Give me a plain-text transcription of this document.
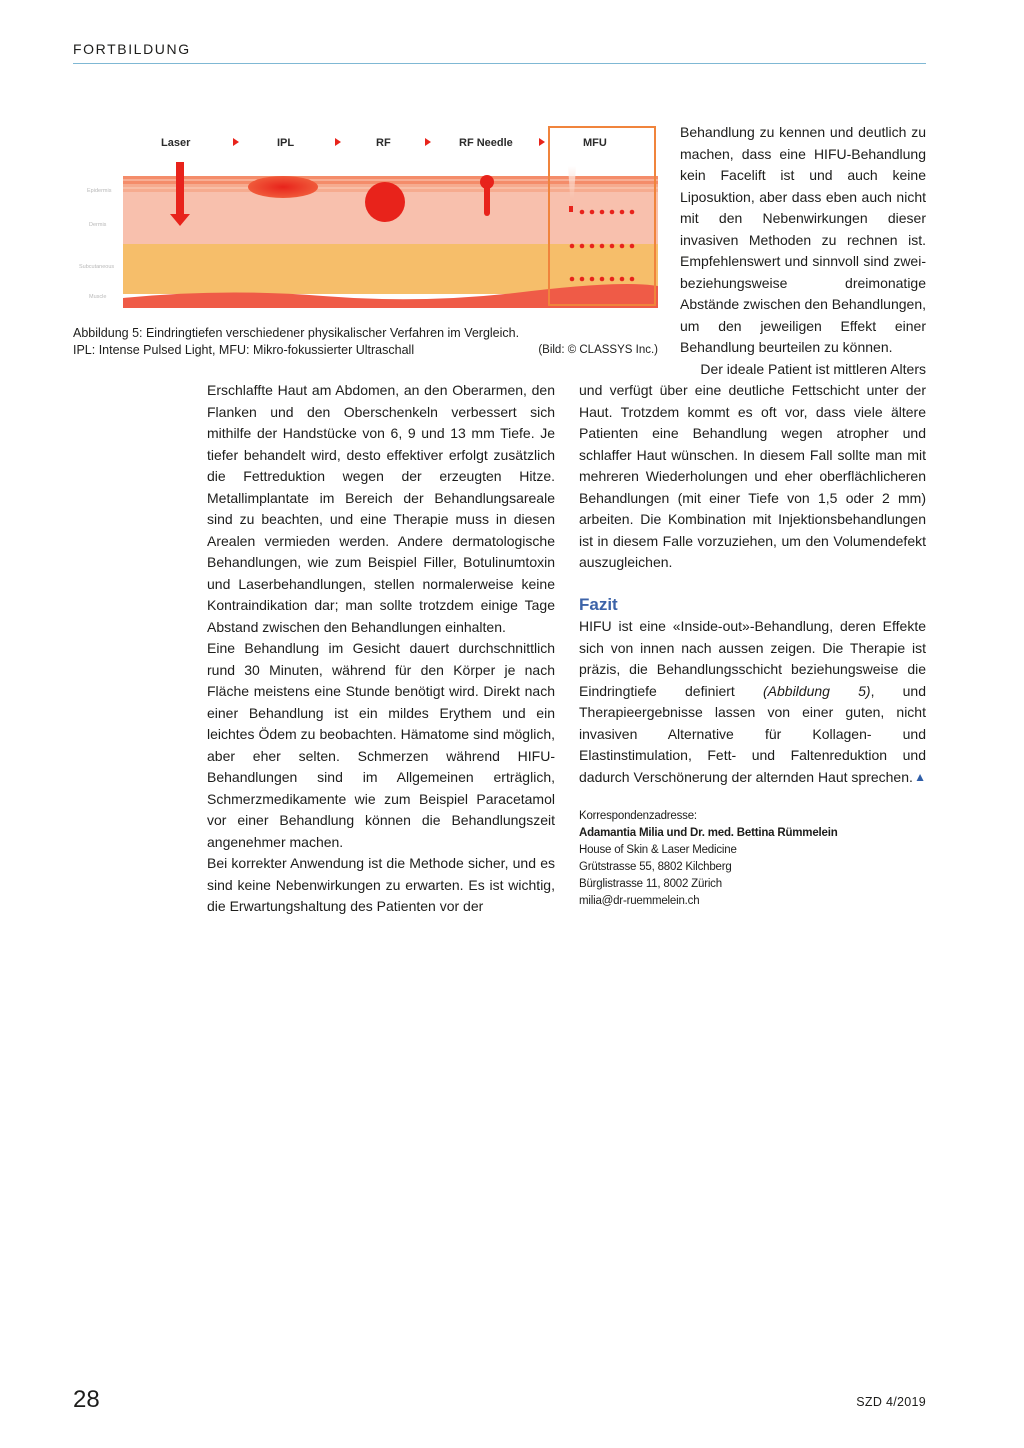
FORTBILDUNG
Epidermis
Dermis
Subcutaneous
Muscle
Laser	IPL	RF	RF Needle	MFU
Abbildung 5: Eindringtiefen verschiedener physikalischer Verfahren im Vergleich.
IPL: Intense Pulsed Light, MFU: Mikro-fokussierter Ultraschall	(Bild: © CLASSYS Inc.)

Behandlung zu kennen und deutlich zu machen, dass eine HIFU-Behandlung kein Facelift ist und auch keine Liposuktion, aber dass eben auch nicht mit den Nebenwirkungen dieser invasiven Methoden zu rechnen ist. Empfehlenswert und sinnvoll sind zwei- beziehungsweise dreimonatige Abstände zwischen den Behandlungen, um den jeweiligen Effekt einer Behandlung beurteilen zu können.

Der ideale Patient ist mittleren Alters

Erschlaffte Haut am Abdomen, an den Oberarmen, den Flanken und den Oberschenkeln verbessert sich mithilfe der Handstücke von 6, 9 und 13 mm Tiefe. Je tiefer behandelt wird, desto effektiver erfolgt zusätzlich die Fettreduktion wegen der erzeugten Hitze. Metallimplantate im Bereich der Behandlungsareale sind zu beachten, und eine Therapie muss in diesen Arealen vermieden werden. Andere dermatologische Behandlungen, wie zum Beispiel Filler, Botulinumtoxin und Laserbehandlungen, stellen normalerweise keine Kontraindikation dar; man sollte trotzdem einige Tage Abstand zwischen den Behandlungen einhalten.

Eine Behandlung im Gesicht dauert durchschnittlich rund 30 Minuten, während für den Körper je nach Fläche meistens eine Stunde benötigt wird. Direkt nach einer Behandlung ist ein mildes Erythem und ein leichtes Ödem zu beobachten. Hämatome sind möglich, aber eher selten. Schmerzen während HIFU-Behandlungen sind im Allgemeinen erträglich, Schmerzmedikamente wie zum Beispiel Paracetamol vor einer Behandlung können die Behandlungszeit angenehmer machen.

Bei korrekter Anwendung ist die Methode sicher, und es sind keine Nebenwirkungen zu erwarten. Es ist wichtig, die Erwartungshaltung des Patienten vor der

und verfügt über eine deutliche Fettschicht unter der Haut. Trotzdem kommt es oft vor, dass viele ältere Patienten eine Behandlung wegen atropher und schlaffer Haut wünschen. In diesem Fall sollte man mit mehreren Wiederholungen und eher oberflächlicheren Behandlungen (mit einer Tiefe von 1,5 oder 2 mm) arbeiten. Die Kombination mit Injektionsbehandlungen ist in diesem Falle vorzuziehen, um den Volumendefekt auszugleichen.

Fazit

HIFU ist eine «Inside-out»-Behandlung, deren Effekte sich von innen nach aussen zeigen. Die Therapie ist präzis, die Behandlungsschicht beziehungsweise die Eindringtiefe definiert (Abbildung 5), und Therapieergebnisse lassen von einer guten, nicht invasiven Alternative für Kollagen- und Elastinstimulation, Fett- und Faltenreduktion und dadurch Verschönerung der alternden Haut sprechen. ▲

Korrespondenzadresse:
Adamantia Milia und Dr. med. Bettina Rümmelein
House of Skin & Laser Medicine
Grütstrasse 55, 8802 Kilchberg
Bürglistrasse 11, 8002 Zürich
milia@dr-ruemmelein.ch
28	SZD 4/2019
